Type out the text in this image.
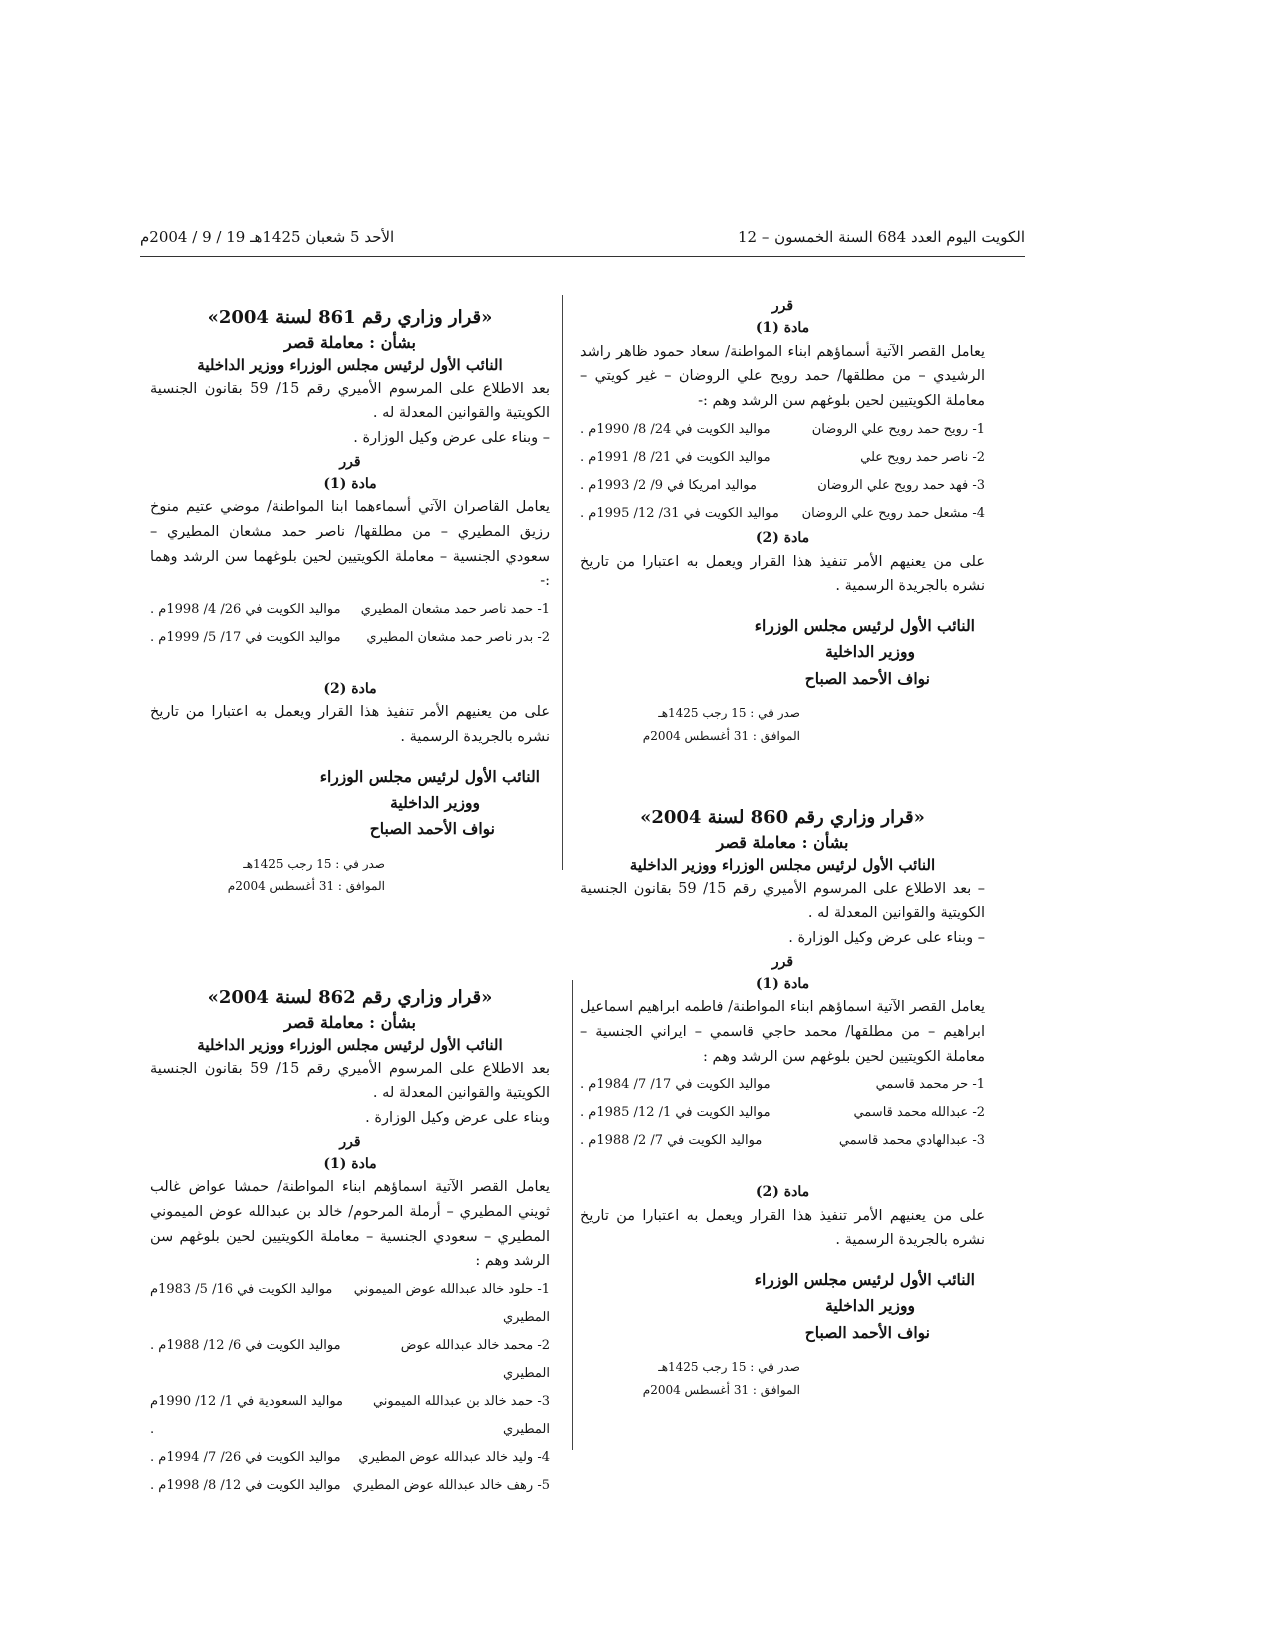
الكويت اليوم العدد 684 السنة الخمسون – 12
الأحد 5 شعبان 1425هـ 19 / 9 / 2004م

قرر

مادة (1)

يعامل القصر الآتية أسماؤهم ابناء المواطنة/ سعاد حمود ظاهر راشد الرشيدي – من مطلقها/ حمد رويح علي الروضان – غير كويتي – معاملة الكويتيين لحين بلوغهم سن الرشد وهم :-

1- رويح حمد رويح علي الروضان
مواليد الكويت في 24/ 8/ 1990م .
2- ناصر حمد رويح علي
مواليد الكويت في 21/ 8/ 1991م .
3- فهد حمد رويح علي الروضان
مواليد امريكا في 9/ 2/ 1993م .
4- مشعل حمد رويح علي الروضان
مواليد الكويت في 31/ 12/ 1995م .

مادة (2)

على من يعنيهم الأمر تنفيذ هذا القرار ويعمل به اعتبارا من تاريخ نشره بالجريدة الرسمية .

النائب الأول لرئيس مجلس الوزراء
ووزير الداخلية
نواف الأحمد الصباح
صدر في : 15 رجب 1425هـ
الموافق : 31 أغسطس 2004م

«قرار وزاري رقم 860 لسنة 2004»

بشأن : معاملة قصر

النائب الأول لرئيس مجلس الوزراء ووزير الداخلية

– بعد الاطلاع على المرسوم الأميري رقم 15/ 59 بقانون الجنسية الكويتية والقوانين المعدلة له .

– وبناء على عرض وكيل الوزارة .

قرر

مادة (1)

يعامل القصر الآتية اسماؤهم ابناء المواطنة/ فاطمه ابراهيم اسماعيل ابراهيم – من مطلقها/ محمد حاجي قاسمي – ايراني الجنسية – معاملة الكويتيين لحين بلوغهم سن الرشد وهم :

1- حر محمد قاسمي
مواليد الكويت في 17/ 7/ 1984م .
2- عبدالله محمد قاسمي
مواليد الكويت في 1/ 12/ 1985م .
3- عبدالهادي محمد قاسمي
مواليد الكويت في 7/ 2/ 1988م .

مادة (2)

على من يعنيهم الأمر تنفيذ هذا القرار ويعمل به اعتبارا من تاريخ نشره بالجريدة الرسمية .

النائب الأول لرئيس مجلس الوزراء
ووزير الداخلية
نواف الأحمد الصباح
صدر في : 15 رجب 1425هـ
الموافق : 31 أغسطس 2004م

«قرار وزاري رقم 861 لسنة 2004»

بشأن : معاملة قصر

النائب الأول لرئيس مجلس الوزراء ووزير الداخلية

بعد الاطلاع على المرسوم الأميري رقم 15/ 59 بقانون الجنسية الكويتية والقوانين المعدلة له .

– وبناء على عرض وكيل الوزارة .

قرر

مادة (1)

يعامل القاصران الآتي أسماءهما ابنا المواطنة/ موضي عتيم منوخ رزيق المطيري – من مطلقها/ ناصر حمد مشعان المطيري – سعودي الجنسية – معاملة الكويتيين لحين بلوغهما سن الرشد وهما :-

1- حمد ناصر حمد مشعان المطيري
مواليد الكويت في 26/ 4/ 1998م .
2- بدر ناصر حمد مشعان المطيري
مواليد الكويت في 17/ 5/ 1999م .

مادة (2)

على من يعنيهم الأمر تنفيذ هذا القرار ويعمل به اعتبارا من تاريخ نشره بالجريدة الرسمية .

النائب الأول لرئيس مجلس الوزراء
ووزير الداخلية
نواف الأحمد الصباح
صدر في : 15 رجب 1425هـ
الموافق : 31 أغسطس 2004م

«قرار وزاري رقم 862 لسنة 2004»

بشأن : معاملة قصر

النائب الأول لرئيس مجلس الوزراء ووزير الداخلية

بعد الاطلاع على المرسوم الأميري رقم 15/ 59 بقانون الجنسية الكويتية والقوانين المعدلة له .

وبناء على عرض وكيل الوزارة .

قرر

مادة (1)

يعامل القصر الآتية اسماؤهم ابناء المواطنة/ حمشا عواض غالب ثويني المطيري – أرملة المرحوم/ خالد بن عبدالله عوض الميموني المطيري – سعودي الجنسية – معاملة الكويتيين لحين بلوغهم سن الرشد وهم :

1- حلود خالد عبدالله عوض الميموني المطيري
مواليد الكويت في 16/ 5/ 1983م
2- محمد خالد عبدالله عوض المطيري
مواليد الكويت في 6/ 12/ 1988م .
3- حمد خالد بن عبدالله الميموني المطيري
مواليد السعودية في 1/ 12/ 1990م .
4- وليد خالد عبدالله عوض المطيري
مواليد الكويت في 26/ 7/ 1994م .
5- رهف خالد عبدالله عوض المطيري
مواليد الكويت في 12/ 8/ 1998م .
